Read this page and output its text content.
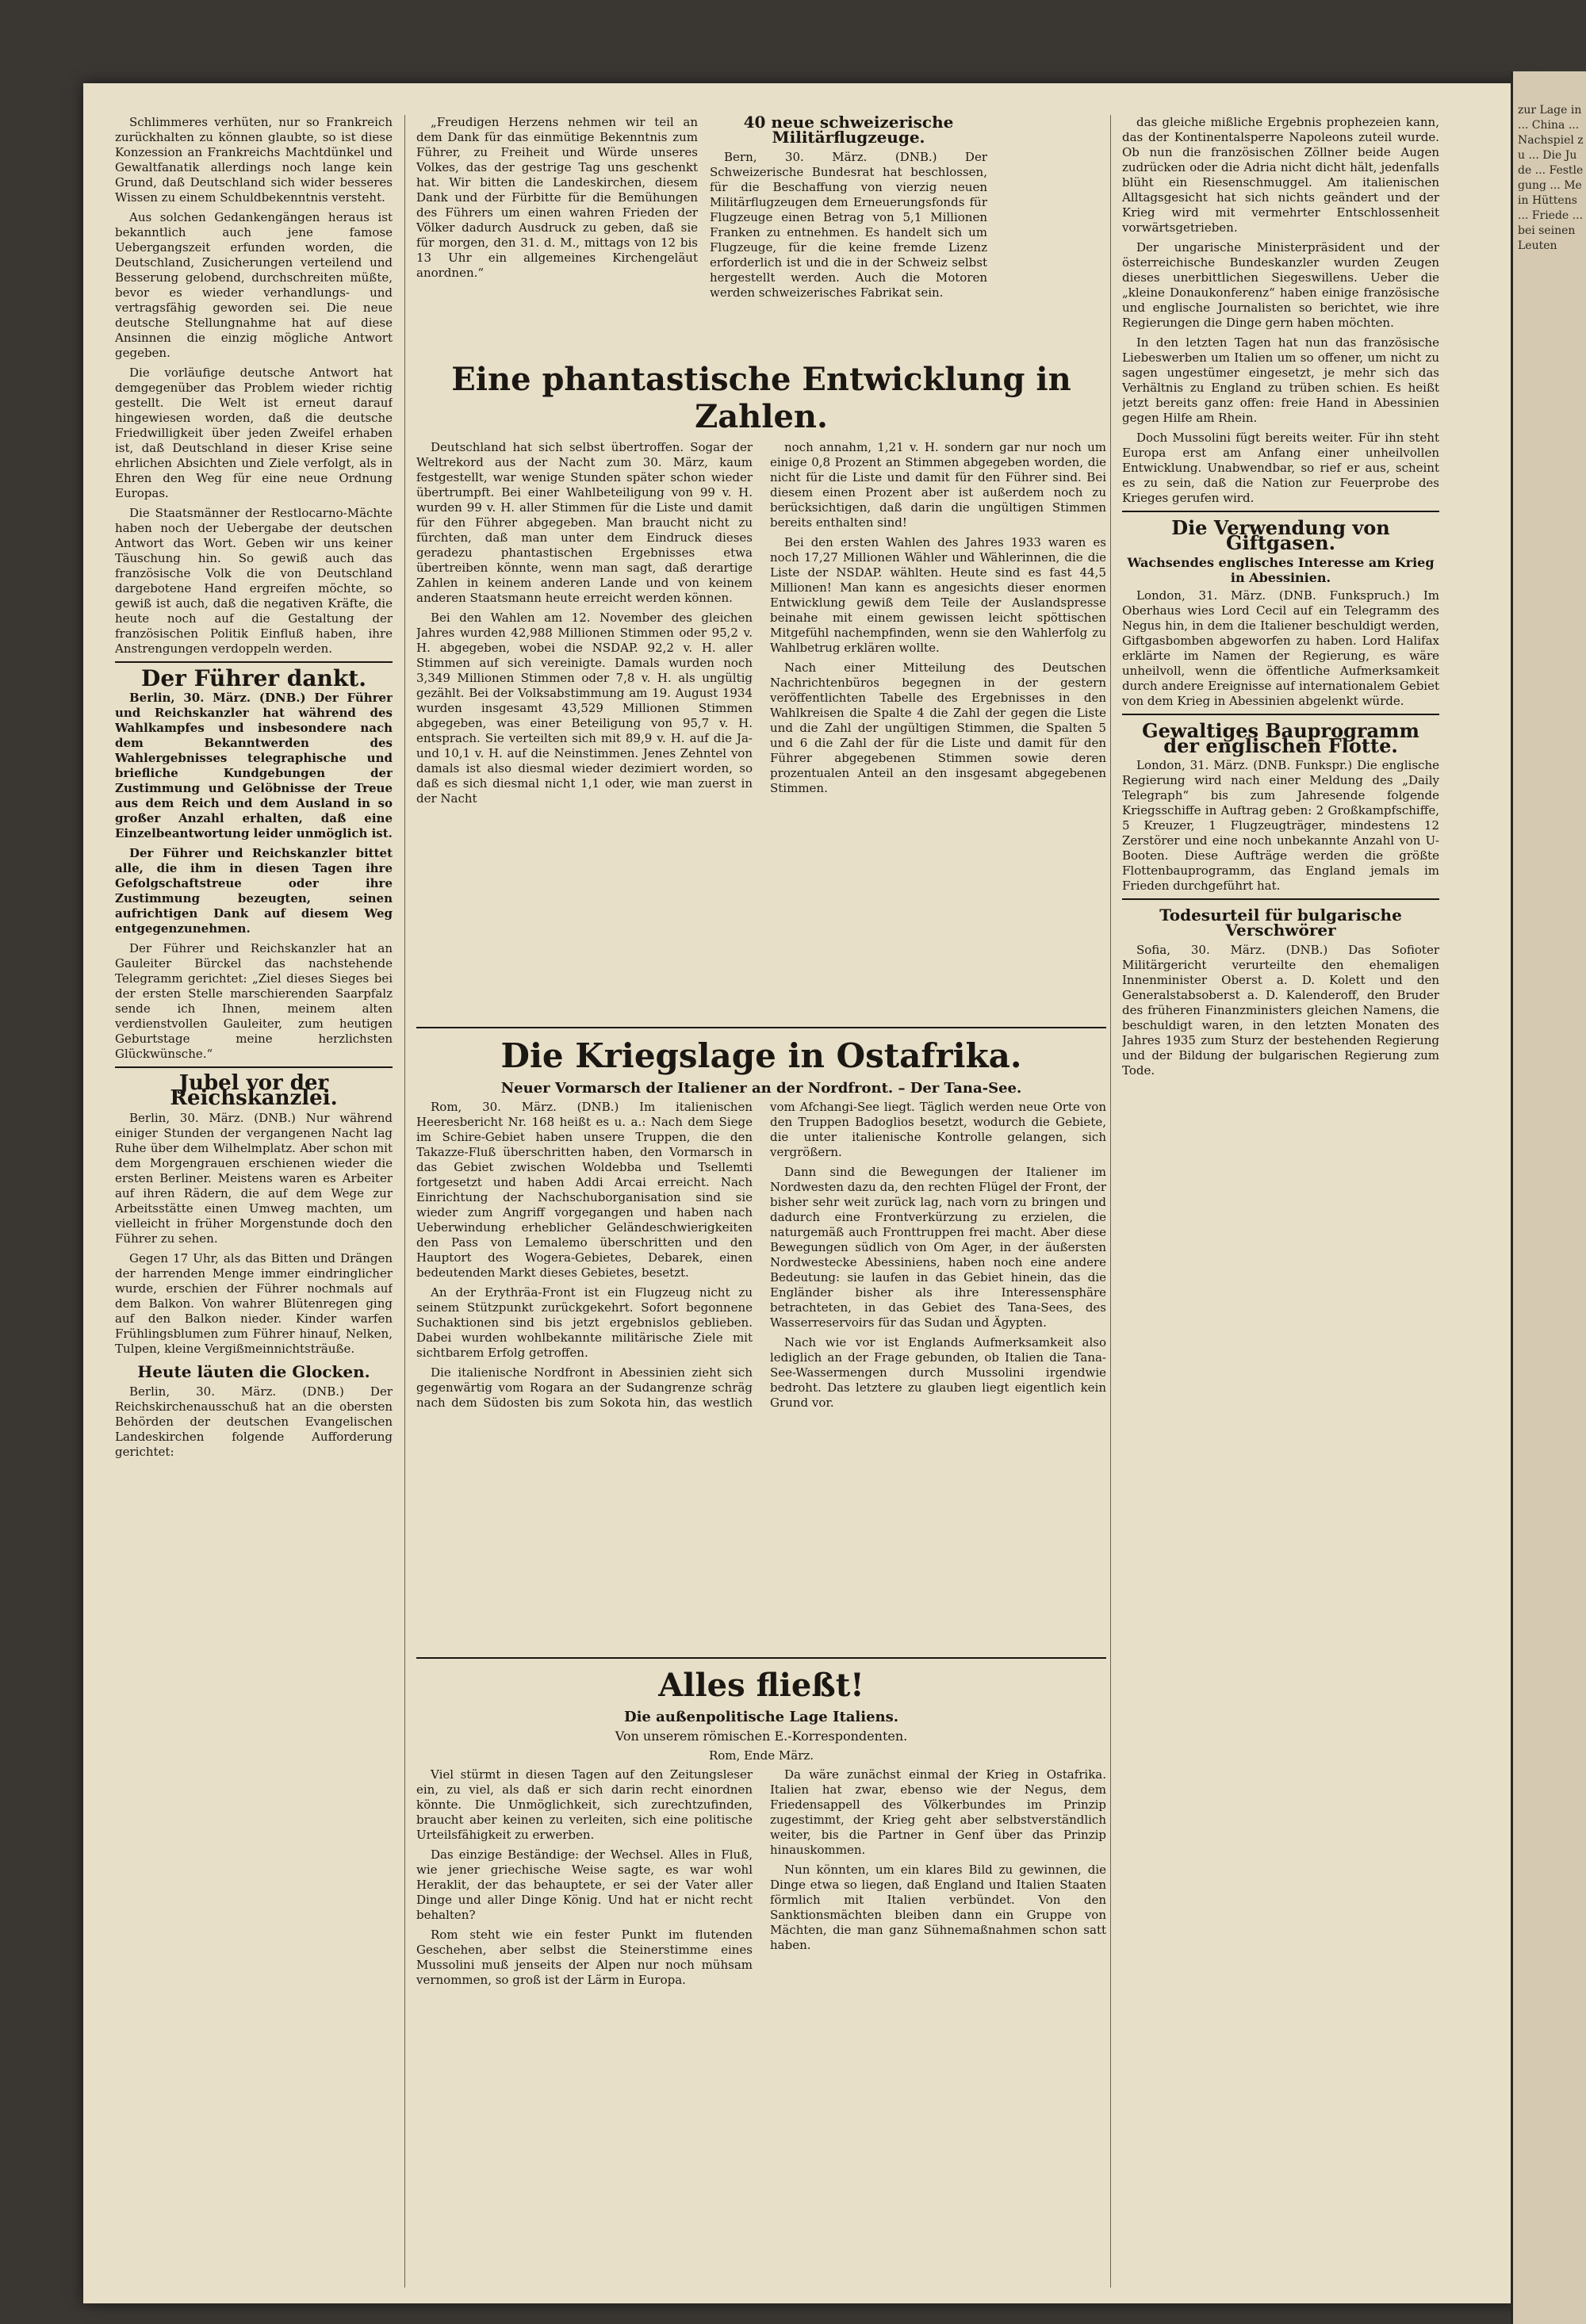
Schlimmeres verhüten, nur so Frankreich zurückhalten zu können glaubte, so ist diese Konzession an Frankreichs Machtdünkel und Gewaltfanatik allerdings noch lange kein Grund, daß Deutschland sich wider besseres Wissen zu einem Schuldbekenntnis versteht.

Aus solchen Gedankengängen heraus ist bekanntlich auch jene famose Uebergangszeit erfunden worden, die Deutschland, Zusicherungen verteilend und Besserung gelobend, durchschreiten müßte, bevor es wieder verhandlungs- und vertragsfähig geworden sei. Die neue deutsche Stellungnahme hat auf diese Ansinnen die einzig mögliche Antwort gegeben.

Die vorläufige deutsche Antwort hat demgegenüber das Problem wieder richtig gestellt. Die Welt ist erneut darauf hingewiesen worden, daß die deutsche Friedwilligkeit über jeden Zweifel erhaben ist, daß Deutschland in dieser Krise seine ehrlichen Absichten und Ziele verfolgt, als in Ehren den Weg für eine neue Ordnung Europas.

Die Staatsmänner der Restlocarno-Mächte haben noch der Uebergabe der deutschen Antwort das Wort. Geben wir uns keiner Täuschung hin. So gewiß auch das französische Volk die von Deutschland dargebotene Hand ergreifen möchte, so gewiß ist auch, daß die negativen Kräfte, die heute noch auf die Gestaltung der französischen Politik Einfluß haben, ihre Anstrengungen verdoppeln werden.

Der Führer dankt.

Berlin, 30. März. (DNB.) Der Führer und Reichskanzler hat während des Wahlkampfes und insbesondere nach dem Bekanntwerden des Wahlergebnisses telegraphische und briefliche Kundgebungen der Zustimmung und Gelöbnisse der Treue aus dem Reich und dem Ausland in so großer Anzahl erhalten, daß eine Einzelbeantwortung leider unmöglich ist.

Der Führer und Reichskanzler bittet alle, die ihm in diesen Tagen ihre Gefolgschaftstreue oder ihre Zustimmung bezeugten, seinen aufrichtigen Dank auf diesem Weg entgegenzunehmen.

Der Führer und Reichskanzler hat an Gauleiter Bürckel das nachstehende Telegramm gerichtet: „Ziel dieses Sieges bei der ersten Stelle marschierenden Saarpfalz sende ich Ihnen, meinem alten verdienstvollen Gauleiter, zum heutigen Geburtstage meine herzlichsten Glückwünsche.“

Jubel vor der Reichskanzlei.

Berlin, 30. März. (DNB.) Nur während einiger Stunden der vergangenen Nacht lag Ruhe über dem Wilhelmplatz. Aber schon mit dem Morgengrauen erschienen wieder die ersten Berliner. Meistens waren es Arbeiter auf ihren Rädern, die auf dem Wege zur Arbeitsstätte einen Umweg machten, um vielleicht in früher Morgenstunde doch den Führer zu sehen.

Gegen 17 Uhr, als das Bitten und Drängen der harrenden Menge immer eindringlicher wurde, erschien der Führer nochmals auf dem Balkon. Von wahrer Blütenregen ging auf den Balkon nieder. Kinder warfen Frühlingsblumen zum Führer hinauf, Nelken, Tulpen, kleine Vergißmeinnichtsträuße.

Heute läuten die Glocken.

Berlin, 30. März. (DNB.) Der Reichskirchenausschuß hat an die obersten Behörden der deutschen Evangelischen Landeskirchen folgende Aufforderung gerichtet:

„Freudigen Herzens nehmen wir teil an dem Dank für das einmütige Bekenntnis zum Führer, zu Freiheit und Würde unseres Volkes, das der gestrige Tag uns geschenkt hat. Wir bitten die Landeskirchen, diesem Dank und der Fürbitte für die Bemühungen des Führers um einen wahren Frieden der Völker dadurch Ausdruck zu geben, daß sie für morgen, den 31. d. M., mittags von 12 bis 13 Uhr ein allgemeines Kirchengeläut anordnen.“

40 neue schweizerische Militärflugzeuge.

Bern, 30. März. (DNB.) Der Schweizerische Bundesrat hat beschlossen, für die Beschaffung von vierzig neuen Militärflugzeugen dem Erneuerungsfonds für Flugzeuge einen Betrag von 5,1 Millionen Franken zu entnehmen. Es handelt sich um Flugzeuge, für die keine fremde Lizenz erforderlich ist und die in der Schweiz selbst hergestellt werden. Auch die Motoren werden schweizerisches Fabrikat sein.

Eine phantastische Entwicklung in Zahlen.

Deutschland hat sich selbst übertroffen. Sogar der Weltrekord aus der Nacht zum 30. März, kaum festgestellt, war wenige Stunden später schon wieder übertrumpft. Bei einer Wahlbeteiligung von 99 v. H. wurden 99 v. H. aller Stimmen für die Liste und damit für den Führer abgegeben. Man braucht nicht zu fürchten, daß man unter dem Eindruck dieses geradezu phantastischen Ergebnisses etwa übertreiben könnte, wenn man sagt, daß derartige Zahlen in keinem anderen Lande und von keinem anderen Staatsmann heute erreicht werden können.

Bei den Wahlen am 12. November des gleichen Jahres wurden 42,988 Millionen Stimmen oder 95,2 v. H. abgegeben, wobei die NSDAP. 92,2 v. H. aller Stimmen auf sich vereinigte. Damals wurden noch 3,349 Millionen Stimmen oder 7,8 v. H. als ungültig gezählt. Bei der Volksabstimmung am 19. August 1934 wurden insgesamt 43,529 Millionen Stimmen abgegeben, was einer Beteiligung von 95,7 v. H. entsprach. Sie verteilten sich mit 89,9 v. H. auf die Ja- und 10,1 v. H. auf die Neinstimmen. Jenes Zehntel von damals ist also diesmal wieder dezimiert worden, so daß es sich diesmal nicht 1,1 oder, wie man zuerst in der Nacht

noch annahm, 1,21 v. H. sondern gar nur noch um einige 0,8 Prozent an Stimmen abgegeben worden, die nicht für die Liste und damit für den Führer sind. Bei diesem einen Prozent aber ist außerdem noch zu berücksichtigen, daß darin die ungültigen Stimmen bereits enthalten sind!

Bei den ersten Wahlen des Jahres 1933 waren es noch 17,27 Millionen Wähler und Wählerinnen, die die Liste der NSDAP. wählten. Heute sind es fast 44,5 Millionen! Man kann es angesichts dieser enormen Entwicklung gewiß dem Teile der Auslandspresse beinahe mit einem gewissen leicht spöttischen Mitgefühl nachempfinden, wenn sie den Wahlerfolg zu Wahlbetrug erklären wollte.

Nach einer Mitteilung des Deutschen Nachrichtenbüros begegnen in der gestern veröffentlichten Tabelle des Ergebnisses in den Wahlkreisen die Spalte 4 die Zahl der gegen die Liste und die Zahl der ungültigen Stimmen, die Spalten 5 und 6 die Zahl der für die Liste und damit für den Führer abgegebenen Stimmen sowie deren prozentualen Anteil an den insgesamt abgegebenen Stimmen.

Die Kriegslage in Ostafrika.
Neuer Vormarsch der Italiener an der Nordfront. – Der Tana-See.

Rom, 30. März. (DNB.) Im italienischen Heeresbericht Nr. 168 heißt es u. a.: Nach dem Siege im Schire-Gebiet haben unsere Truppen, die den Takazze-Fluß überschritten haben, den Vormarsch in das Gebiet zwischen Woldebba und Tsellemti fortgesetzt und haben Addi Arcai erreicht. Nach Einrichtung der Nachschuborganisation sind sie wieder zum Angriff vorgegangen und haben nach Ueberwindung erheblicher Geländeschwierigkeiten den Pass von Lemalemo überschritten und den Hauptort des Wogera-Gebietes, Debarek, einen bedeutenden Markt dieses Gebietes, besetzt.

An der Erythräa-Front ist ein Flugzeug nicht zu seinem Stützpunkt zurückgekehrt. Sofort begonnene Suchaktionen sind bis jetzt ergebnislos geblieben. Dabei wurden wohlbekannte militärische Ziele mit sichtbarem Erfolg getroffen.

Die italienische Nordfront in Abessinien zieht sich gegenwärtig vom Rogara an der Sudangrenze schräg nach dem Südosten bis zum Sokota hin, das westlich vom Afchangi-See liegt. Täglich werden neue Orte von den Truppen Badoglios besetzt, wodurch die Gebiete, die unter italienische Kontrolle gelangen, sich vergrößern.

Dann sind die Bewegungen der Italiener im Nordwesten dazu da, den rechten Flügel der Front, der bisher sehr weit zurück lag, nach vorn zu bringen und dadurch eine Frontverkürzung zu erzielen, die naturgemäß auch Fronttruppen frei macht. Aber diese Bewegungen südlich von Om Ager, in der äußersten Nordwestecke Abessiniens, haben noch eine andere Bedeutung: sie laufen in das Gebiet hinein, das die Engländer bisher als ihre Interessensphäre betrachteten, in das Gebiet des Tana-Sees, des Wasserreservoirs für das Sudan und Ägypten.

Nach wie vor ist Englands Aufmerksamkeit also lediglich an der Frage gebunden, ob Italien die Tana-See-Wassermengen durch Mussolini irgendwie bedroht. Das letztere zu glauben liegt eigentlich kein Grund vor.

Alles fließt!
Die außenpolitische Lage Italiens.
Von unserem römischen E.-Korrespondenten.
Rom, Ende März.

Viel stürmt in diesen Tagen auf den Zeitungsleser ein, zu viel, als daß er sich darin recht einordnen könnte. Die Unmöglichkeit, sich zurechtzufinden, braucht aber keinen zu verleiten, sich eine politische Urteilsfähigkeit zu erwerben.

Das einzige Beständige: der Wechsel. Alles in Fluß, wie jener griechische Weise sagte, es war wohl Heraklit, der das behauptete, er sei der Vater aller Dinge und aller Dinge König. Und hat er nicht recht behalten?

Rom steht wie ein fester Punkt im flutenden Geschehen, aber selbst die Steinerstimme eines Mussolini muß jenseits der Alpen nur noch mühsam vernommen, so groß ist der Lärm in Europa.

Da wäre zunächst einmal der Krieg in Ostafrika. Italien hat zwar, ebenso wie der Negus, dem Friedensappell des Völkerbundes im Prinzip zugestimmt, der Krieg geht aber selbstverständlich weiter, bis die Partner in Genf über das Prinzip hinauskommen.

Nun könnten, um ein klares Bild zu gewinnen, die Dinge etwa so liegen, daß England und Italien Staaten förmlich mit Italien verbündet. Von den Sanktionsmächten bleiben dann ein Gruppe von Mächten, die man ganz Sühnemaßnahmen schon satt haben.

das gleiche mißliche Ergebnis prophezeien kann, das der Kontinentalsperre Napoleons zuteil wurde. Ob nun die französischen Zöllner beide Augen zudrücken oder die Adria nicht dicht hält, jedenfalls blüht ein Riesenschmuggel. Am italienischen Alltagsgesicht hat sich nichts geändert und der Krieg wird mit vermehrter Entschlossenheit vorwärtsgetrieben.

Der ungarische Ministerpräsident und der österreichische Bundeskanzler wurden Zeugen dieses unerbittlichen Siegeswillens. Ueber die „kleine Donaukonferenz“ haben einige französische und englische Journalisten so berichtet, wie ihre Regierungen die Dinge gern haben möchten.

In den letzten Tagen hat nun das französische Liebeswerben um Italien um so offener, um nicht zu sagen ungestümer eingesetzt, je mehr sich das Verhältnis zu England zu trüben schien. Es heißt jetzt bereits ganz offen: freie Hand in Abessinien gegen Hilfe am Rhein.

Doch Mussolini fügt bereits weiter. Für ihn steht Europa erst am Anfang einer unheilvollen Entwicklung. Unabwendbar, so rief er aus, scheint es zu sein, daß die Nation zur Feuerprobe des Krieges gerufen wird.

Die Verwendung von Giftgasen.
Wachsendes englisches Interesse am Krieg in Abessinien.

London, 31. März. (DNB. Funkspruch.) Im Oberhaus wies Lord Cecil auf ein Telegramm des Negus hin, in dem die Italiener beschuldigt werden, Giftgasbomben abgeworfen zu haben. Lord Halifax erklärte im Namen der Regierung, es wäre unheilvoll, wenn die öffentliche Aufmerksamkeit durch andere Ereignisse auf internationalem Gebiet von dem Krieg in Abessinien abgelenkt würde.

Gewaltiges Bauprogramm der englischen Flotte.

London, 31. März. (DNB. Funkspr.) Die englische Regierung wird nach einer Meldung des „Daily Telegraph“ bis zum Jahresende folgende Kriegsschiffe in Auftrag geben: 2 Großkampfschiffe, 5 Kreuzer, 1 Flugzeugträger, mindestens 12 Zerstörer und eine noch unbekannte Anzahl von U-Booten. Diese Aufträge werden die größte Flottenbauprogramm, das England jemals im Frieden durchgeführt hat.

Todesurteil für bulgarische Verschwörer

Sofia, 30. März. (DNB.) Das Sofioter Militärgericht verurteilte den ehemaligen Innenminister Oberst a. D. Kolett und den Generalstabsoberst a. D. Kalenderoff, den Bruder des früheren Finanzministers gleichen Namens, die beschuldigt waren, in den letzten Monaten des Jahres 1935 zum Sturz der bestehenden Regierung und der Bildung der bulgarischen Regierung zum Tode.

zur Lage in ... China ... Nachspiel zu ... Die Jude ... Festlegung ... Mein Hüttens ... Friede ... bei seinen Leuten
